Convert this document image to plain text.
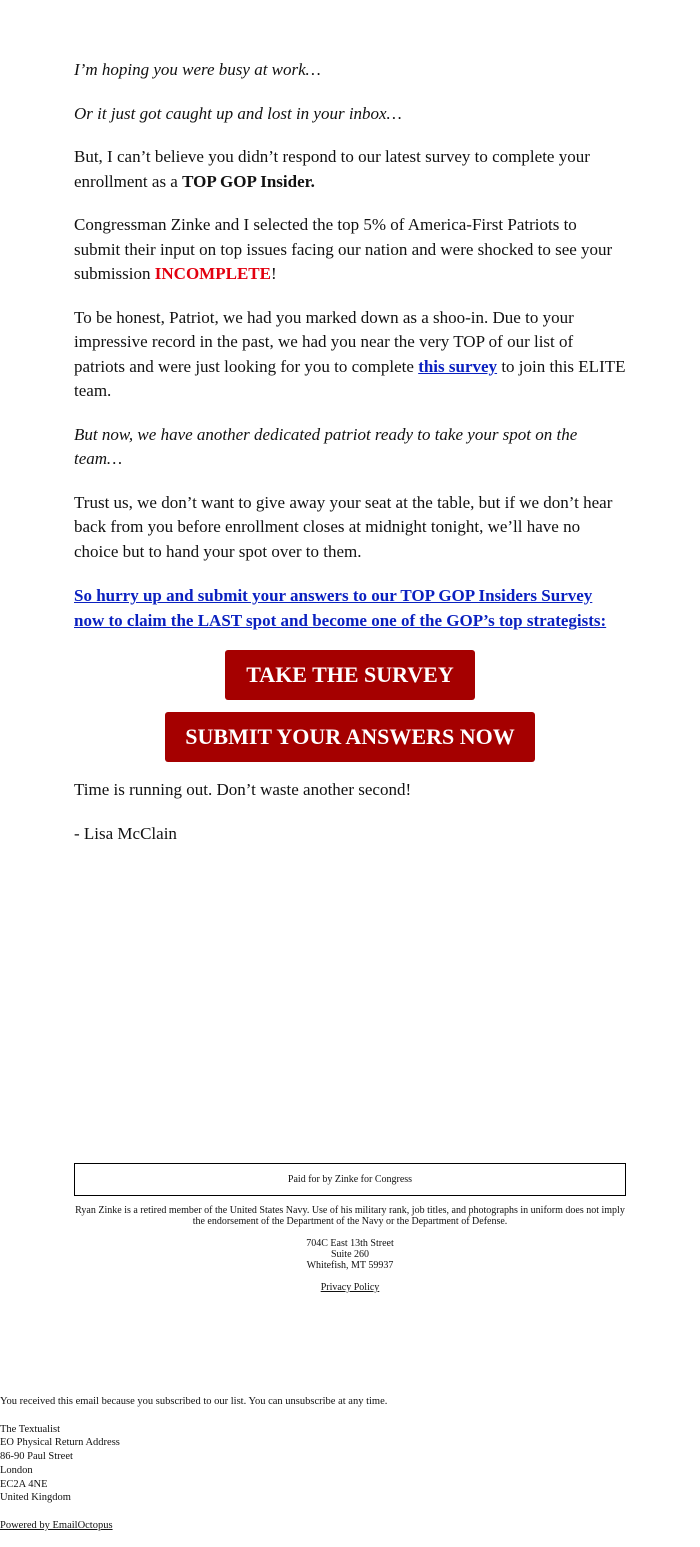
I’m hoping you were busy at work…

Or it just got caught up and lost in your inbox…

But, I can’t believe you didn’t respond to our latest survey to complete your enrollment as a TOP GOP Insider.

Congressman Zinke and I selected the top 5% of America-First Patriots to submit their input on top issues facing our nation and were shocked to see your submission INCOMPLETE!

To be honest, Patriot, we had you marked down as a shoo-in. Due to your impressive record in the past, we had you near the very TOP of our list of patriots and were just looking for you to complete this survey to join this ELITE team.

But now, we have another dedicated patriot ready to take your spot on the team…

Trust us, we don’t want to give away your seat at the table, but if we don’t hear back from you before enrollment closes at midnight tonight, we’ll have no choice but to hand your spot over to them.

So hurry up and submit your answers to our TOP GOP Insiders Survey now to claim the LAST spot and become one of the GOP’s top strategists:
TAKE THE SURVEY
SUBMIT YOUR ANSWERS NOW

Time is running out. Don’t waste another second!

- Lisa McClain

Paid for by Zinke for Congress

Ryan Zinke is a retired member of the United States Navy. Use of his military rank, job titles, and photographs in uniform does not imply the endorsement of the Department of the Navy or the Department of Defense.

704C East 13th Street
Suite 260
Whitefish, MT 59937

Privacy Policy

You received this email because you subscribed to our list. You can unsubscribe at any time.

The Textualist
EO Physical Return Address
86-90 Paul Street
London
EC2A 4NE
United Kingdom

Powered by EmailOctopus
